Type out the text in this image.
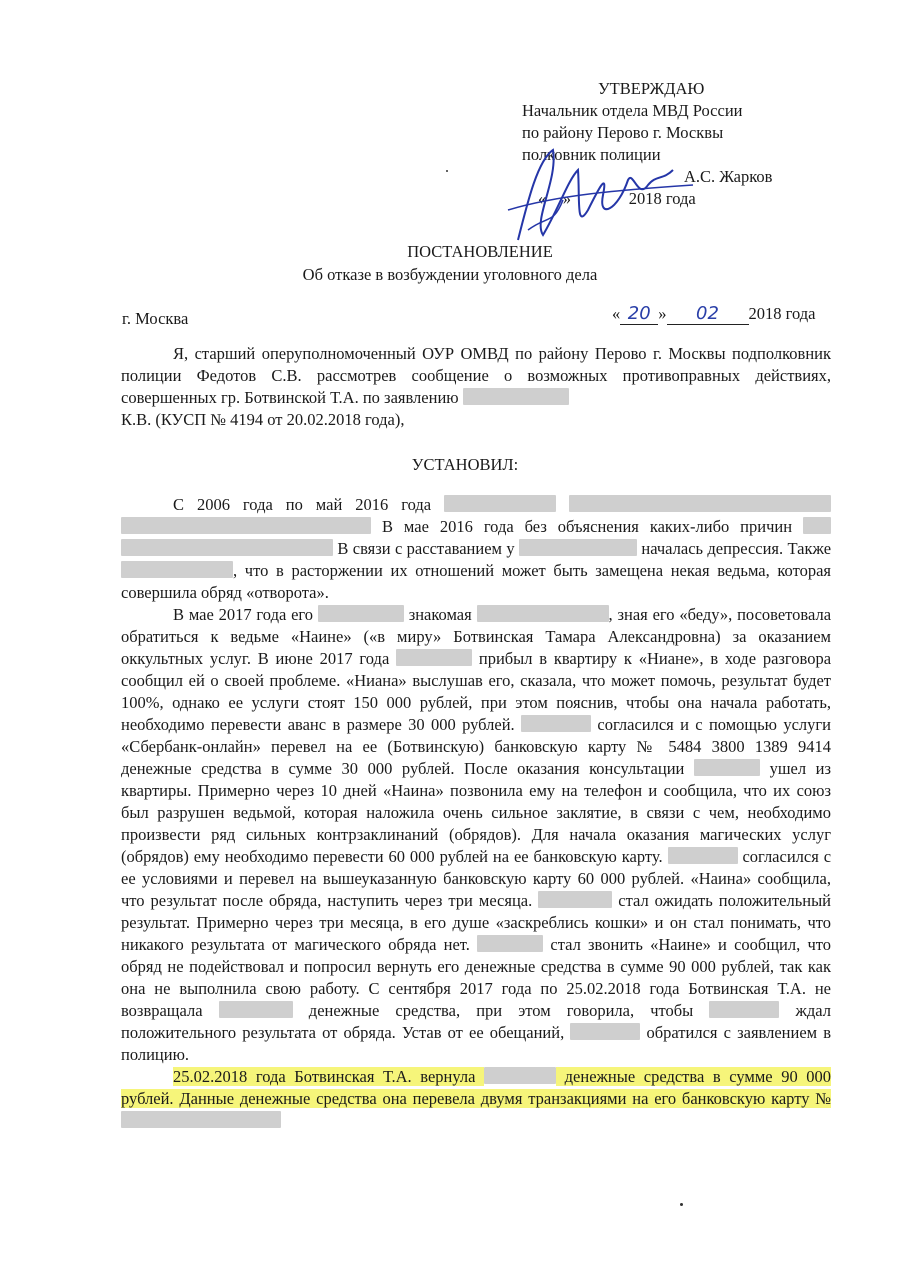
УТВЕРЖДАЮ
Начальник отдела МВД России
по району Перово г. Москвы
полковник полиции
А.С. Жарков
«    »              2018 года
ПОСТАНОВЛЕНИЕ
Об отказе в возбуждении уголовного дела
г. Москва	« 20 » 02 2018 года

Я, старший оперуполномоченный ОУР ОМВД по району Перово г. Москвы подполковник полиции Федотов С.В. рассмотрев сообщение о возможных противоправных действиях, совершенных гр. Ботвинской Т.А. по заявлению

К.В. (КУСП № 4194 от 20.02.2018 года),

УСТАНОВИЛ:

С 2006 года по май 2016 года    В мае 2016 года без объяснения каких-либо причин   В связи с расставанием у	началась депрессия. Также , что в расторжении их отношений может быть замещена некая ведьма, которая совершила обряд «отворота».

В мае 2017 года его	знакомая	, зная его «беду», посоветовала обратиться к ведьме «Наине» («в миру» Ботвинская Тамара Александровна) за оказанием оккультных услуг. В июне 2017 года	прибыл в квартиру к «Ниане», в ходе разговора сообщил ей о своей проблеме. «Ниана» выслушав его, сказала, что может помочь, результат будет 100%, однако ее услуги стоят 150 000 рублей, при этом пояснив, чтобы она начала работать, необходимо перевести аванс в размере 30 000 рублей.	согласился и с помощью услуги «Сбербанк-онлайн» перевел на ее (Ботвинскую) банковскую карту № 5484 3800 1389 9414 денежные средства в сумме 30 000 рублей. После оказания консультации	ушел из квартиры. Примерно через 10 дней «Наина» позвонила ему на телефон и сообщила, что их союз был разрушен ведьмой, которая наложила очень сильное заклятие, в связи с чем, необходимо произвести ряд сильных контрзаклинаний (обрядов). Для начала оказания магических услуг (обрядов) ему необходимо перевести 60 000 рублей на ее банковскую карту.	согласился с ее условиями и перевел на вышеуказанную банковскую карту 60 000 рублей. «Наина» сообщила, что результат после обряда, наступить через три месяца.	стал ожидать положительный результат. Примерно через три месяца, в его душе «заскреблись кошки» и он стал понимать, что никакого результата от магического обряда нет.	стал звонить «Наине» и сообщил, что обряд не подействовал и попросил вернуть его денежные средства в сумме 90 000 рублей, так как она не выполнила свою работу. С сентября 2017 года по 25.02.2018 года Ботвинская Т.А. не возвращала	денежные средства, при этом говорила, чтобы	ждал положительного результата от обряда. Устав от ее обещаний,	обратился с заявлением в полицию.

25.02.2018 года Ботвинская Т.А. вернула	денежные средства в сумме 90 000 рублей. Данные денежные средства она перевела двумя транзакциями на его банковскую карту №
